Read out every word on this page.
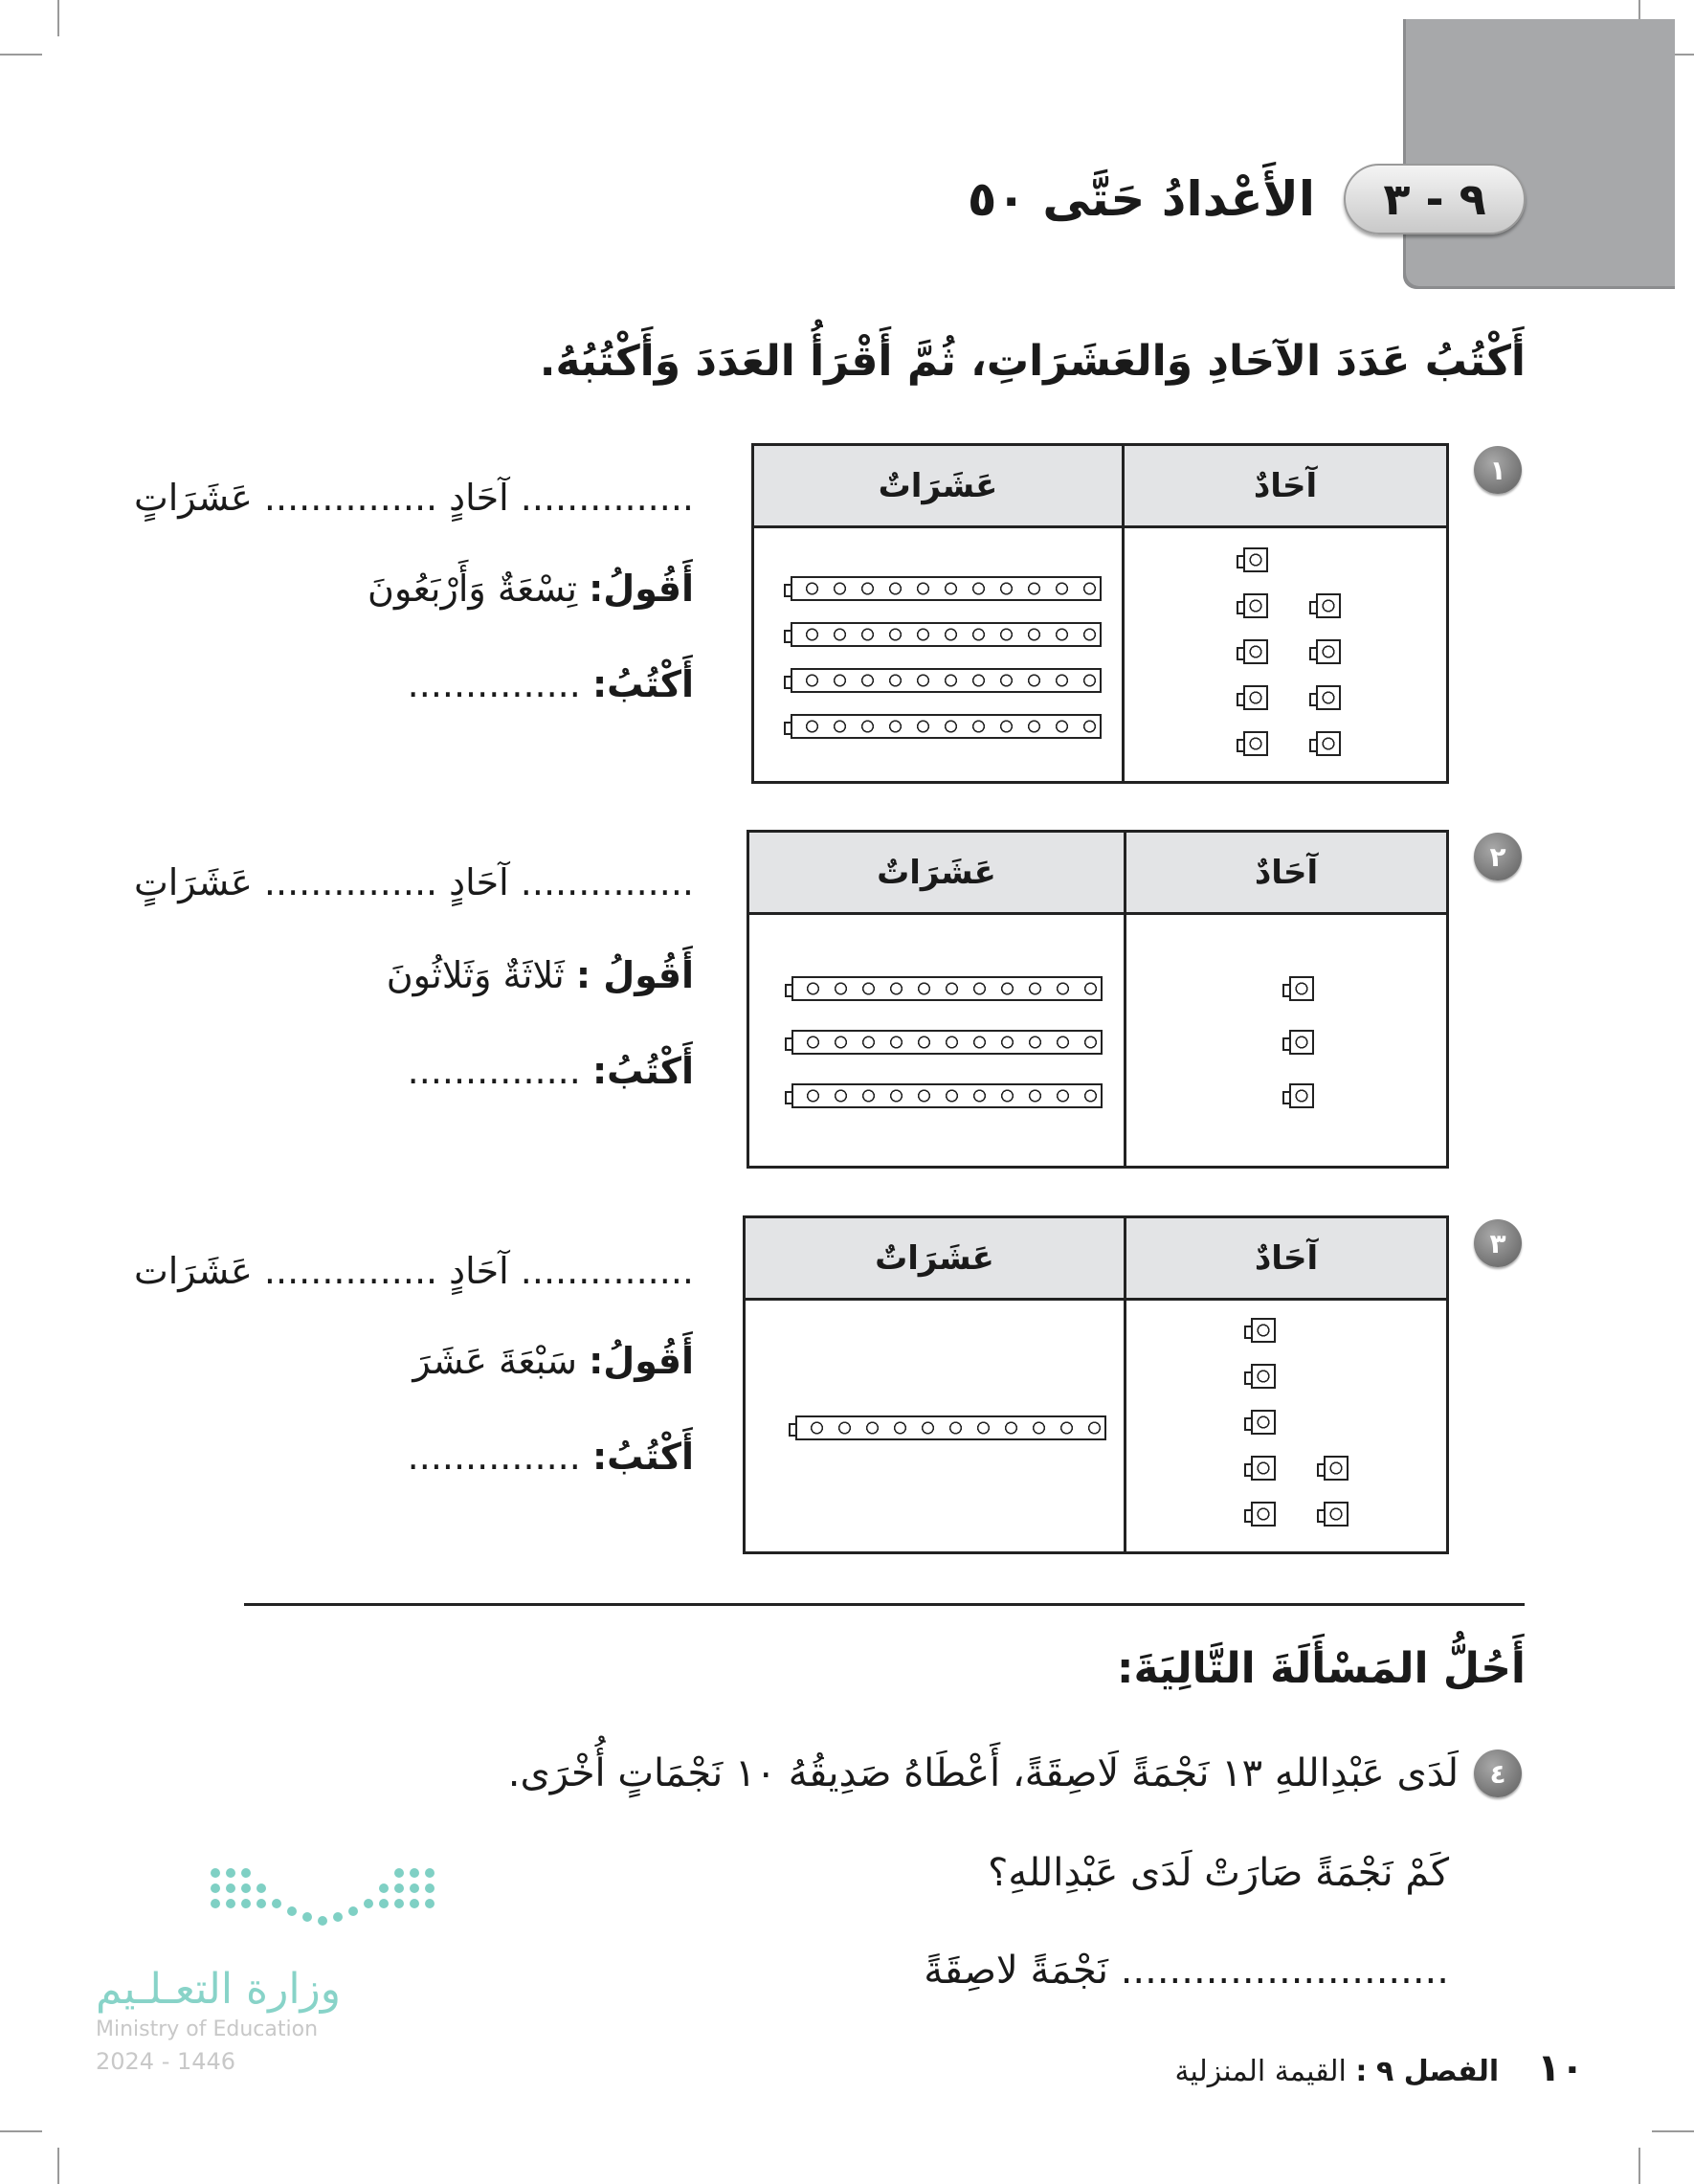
٩ - ٣
الأَعْدادُ حَتَّى ٥٠
أَكْتُبُ عَدَدَ الآحَادِ وَالعَشَرَاتِ، ثُمَّ أَقْرَأُ العَدَدَ وَأَكْتُبُهُ.
١
عَشَرَاتٌ	آحَادٌ
............... آحَادٍ ............... عَشَرَاتٍ
أَقُولُ: تِسْعَةٌ وَأَرْبَعُونَ
أَكْتُبُ: ...............
٢
عَشَرَاتٌ	آحَادٌ
............... آحَادٍ ............... عَشَرَاتٍ
أَقُولُ : ثَلاثَةٌ وَثَلاثُونَ
أَكْتُبُ: ...............
٣
عَشَرَاتٌ	آحَادٌ
............... آحَادٍ ............... عَشَرَات
أَقُولُ: سَبْعَةَ عَشَرَ
أَكْتُبُ: ...............
أَحُلُّ المَسْأَلَةَ التَّالِيَةَ:
٤
لَدَى عَبْدِاللهِ ١٣ نَجْمَةً لَاصِقَةً، أَعْطَاهُ صَدِيقُهُ ١٠ نَجْمَاتٍ أُخْرَى.
كَمْ نَجْمَةً صَارَتْ لَدَى عَبْدِاللهِ؟
........................... نَجْمَةً لاصِقَةً
وزارة التعـلـيم
Ministry of Education
2024 - 1446	١٠
الفصل ٩ : القيمة المنزلية
